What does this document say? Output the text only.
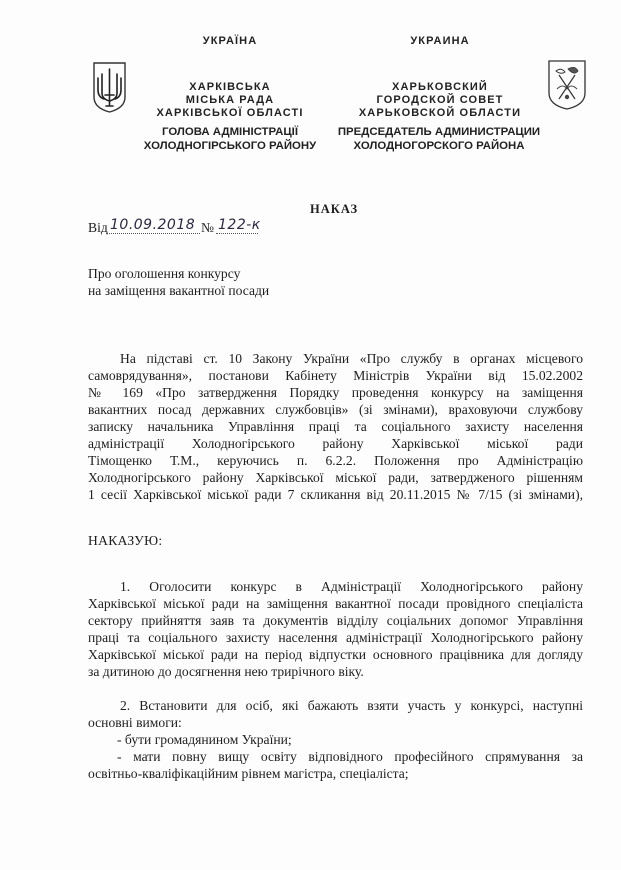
УКРАЇНА
ХАРКІВСЬКА
МІСЬКА РАДА
ХАРКІВСЬКОЇ ОБЛАСТІ
ГОЛОВА АДМІНІСТРАЦІЇ
ХОЛОДНОГІРСЬКОГО РАЙОНУ
УКРАИНА
ХАРЬКОВСКИЙ
ГОРОДСКОЙ СОВЕТ
ХАРЬКОВСКОЙ ОБЛАСТИ
ПРЕДСЕДАТЕЛЬ АДМИНИСТРАЦИИ
ХОЛОДНОГОРСКОГО РАЙОНА
НАКАЗ
Від 10.09.2018 № 122-к
Про оголошення конкурсу
на заміщення вакантної посади
На підставі ст. 10 Закону України «Про службу в органах місцевого
самоврядування», постанови Кабінету Міністрів України від 15.02.2002
№ 169 «Про затвердження Порядку проведення конкурсу на заміщення
вакантних посад державних службовців» (зі змінами), враховуючи службову
записку начальника Управління праці та соціального захисту населення
адміністрації Холодногірського району Харківської міської ради
Тімощенко Т.М., керуючись п. 6.2.2. Положення про Адміністрацію
Холодногірського району Харківської міської ради, затвердженого рішенням
1 сесії Харківської міської ради 7 скликання від 20.11.2015 № 7/15 (зі змінами),
НАКАЗУЮ:
1. Оголосити конкурс в Адміністрації Холодногірського району
Харківської міської ради на заміщення вакантної посади провідного спеціаліста
сектору прийняття заяв та документів відділу соціальних допомог Управління
праці та соціального захисту населення адміністрації Холодногірського району
Харківської міської ради на період відпустки основного працівника для догляду
за дитиною до досягнення нею трирічного віку.
2. Встановити для осіб, які бажають взяти участь у конкурсі, наступні
основні вимоги:
- бути громадянином України;
- мати повну вищу освіту відповідного професійного спрямування за
освітньо-кваліфікаційним рівнем магістра, спеціаліста;
